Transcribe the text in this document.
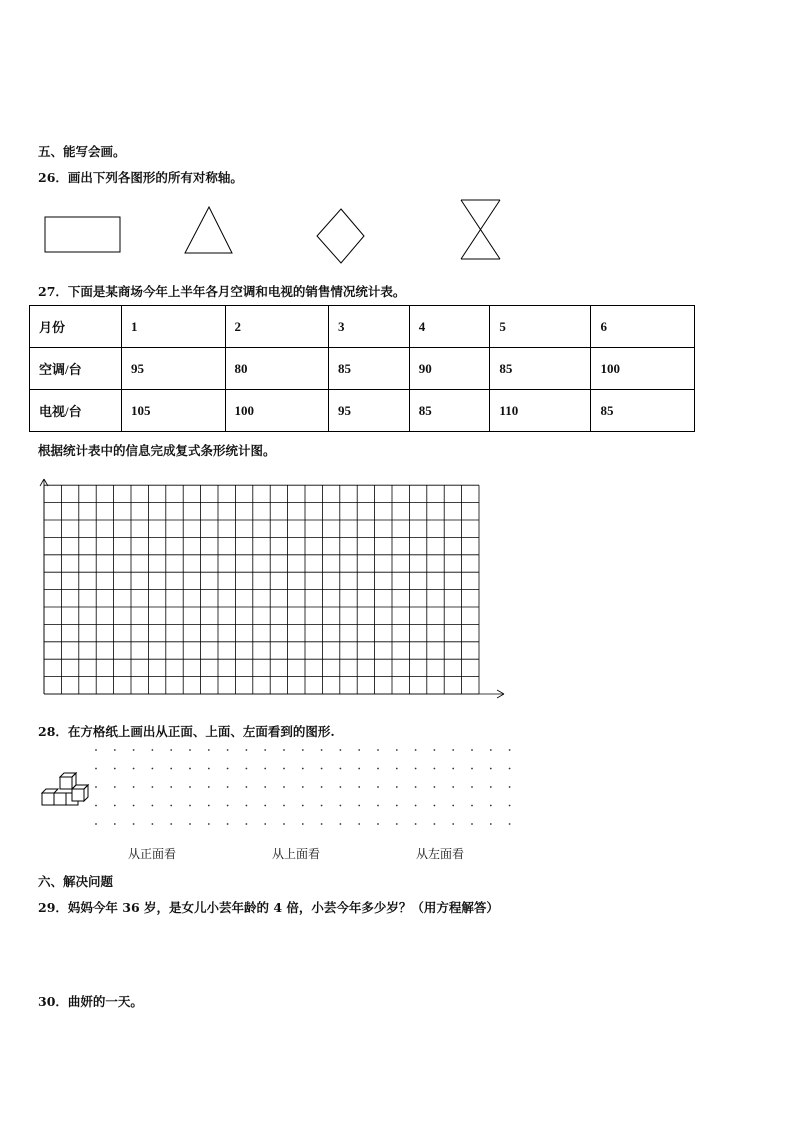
五、能写会画。
26．画出下列各图形的所有对称轴。
27．下面是某商场今年上半年各月空调和电视的销售情况统计表。
月份	1	2	3	4	5	6
空调/台	95	80	85	90	85	100
电视/台	105	100	95	85	110	85
根据统计表中的信息完成复式条形统计图。
28．在方格纸上画出从正面、上面、左面看到的图形.
从正面看	从上面看	从左面看
六、解决问题
29．妈妈今年 36 岁，是女儿小芸年龄的 4 倍，小芸今年多少岁？（用方程解答）
30．曲妍的一天。
